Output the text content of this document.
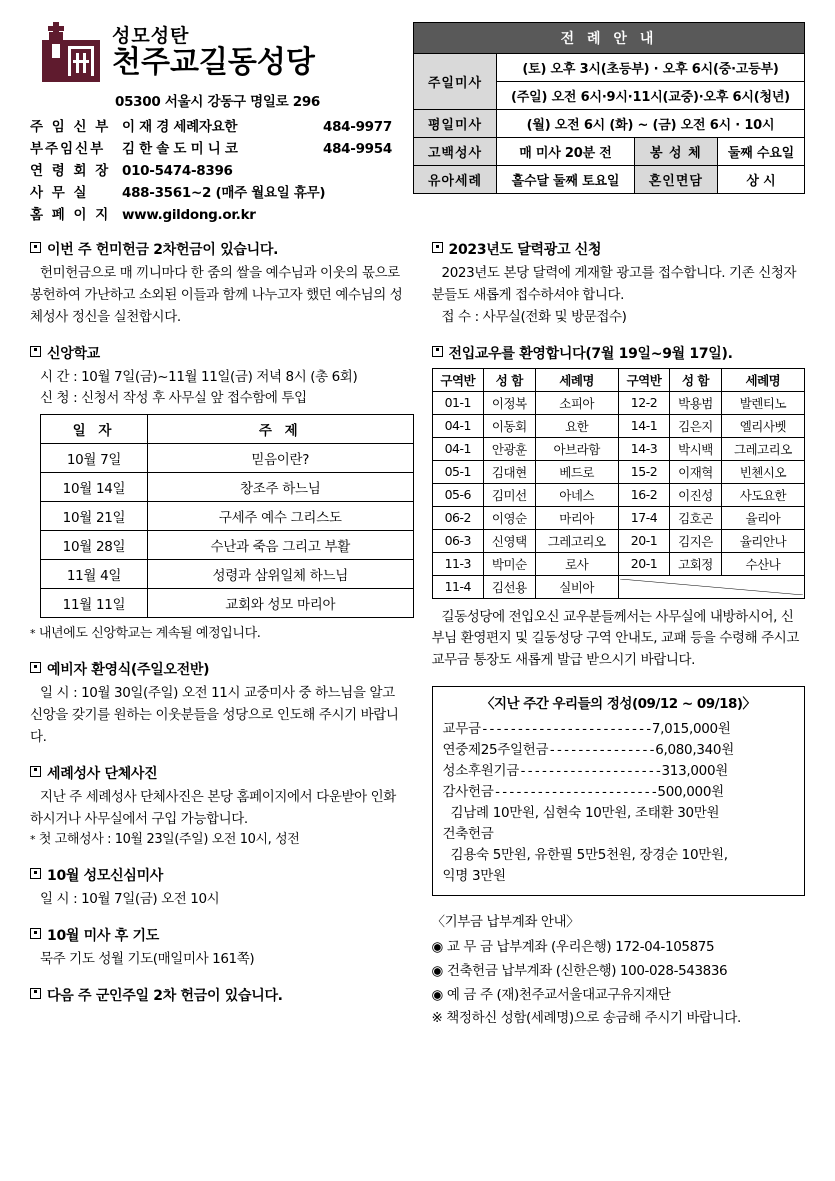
성모성탄
천주교길동성당
05300 서울시 강동구 명일로 296
주 임 신 부 이 재 경 세례자요한	484-9977
부주임신부	김 한 솔 도 미 니 코	484-9954
연 령 회 장 010-5474-8396
사 무 실	488-3561~2 (매주 월요일 휴무)
홈 페 이 지 www.gildong.or.kr
전 례 안 내			
주일미사	(토) 오후 3시(초등부) · 오후 6시(중·고등부)		
	(주일) 오전 6시·9시·11시(교중)·오후 6시(청년)		
평일미사	(월) 오전 6시 (화) ~ (금) 오전 6시 · 10시		
고백성사	매 미사 20분 전	봉 성 체	둘째 수요일
유아세례	홀수달 둘째 토요일	혼인면담	상 시
이번 주 헌미헌금 2차헌금이 있습니다.
헌미헌금으로 매 끼니마다 한 줌의 쌀을 예수님과 이웃의 몫으로 봉헌하여 가난하고 소외된 이들과 함께 나누고자 했던 예수님의 성체성사 정신을 실천합시다.
신앙학교
시 간 : 10월 7일(금)~11월 11일(금) 저녁 8시 (총 6회)
신 청 : 신청서 작성 후 사무실 앞 접수함에 투입
일 자	주 제
10월 7일	믿음이란?
10월 14일	창조주 하느님
10월 21일	구세주 예수 그리스도
10월 28일	수난과 죽음 그리고 부활
11월 4일	성령과 삼위일체 하느님
11월 11일	교회와 성모 마리아
* 내년에도 신앙학교는 계속될 예정입니다.
예비자 환영식(주일오전반)
일 시 : 10월 30일(주일) 오전 11시 교중미사 중 하느님을 알고 신앙을 갖기를 원하는 이웃분들을 성당으로 인도해 주시기 바랍니다.
세례성사 단체사진
지난 주 세례성사 단체사진은 본당 홈페이지에서 다운받아 인화하시거나 사무실에서 구입 가능합니다.
* 첫 고해성사 : 10월 23일(주일) 오전 10시, 성전
10월 성모신심미사
일 시 : 10월 7일(금) 오전 10시
10월 미사 후 기도
묵주 기도 성월 기도(매일미사 161쪽)
다음 주 군인주일 2차 헌금이 있습니다.
2023년도 달력광고 신청
2023년도 본당 달력에 게재할 광고를 접수합니다. 기존 신청자분들도 새롭게 접수하셔야 합니다.
접 수 : 사무실(전화 및 방문접수)
전입교우를 환영합니다(7월 19일~9월 17일).
구역반	성 함	세례명	구역반	성 함	세례명
01-1	이정복	소피아	12-2	박용범	발렌티노
04-1	이동회	요한	14-1	김은지	엘리사벳
04-1	안광훈	아브라함	14-3	박시백	그레고리오
05-1	김대현	베드로	15-2	이재혁	빈첸시오
05-6	김미선	아네스	16-2	이진성	사도요한
06-2	이영순	마리아	17-4	김호곤	율리아
06-3	신영택	그레고리오	20-1	김지은	율리안나
11-3	박미순	로사	20-1	고회정	수산나
11-4	김선용	실비아	
길동성당에 전입오신 교우분들께서는 사무실에 내방하시어, 신부님 환영편지 및 길동성당 구역 안내도, 교패 등을 수령해 주시고 교무금 통장도 새롭게 발급 받으시기 바랍니다.
〈지난 주간 우리들의 정성(09/12 ~ 09/18)〉
교무금------------------------7,015,000원
연중제25주일헌금---------------6,080,340원
성소후원기금--------------------313,000원
감사헌금-----------------------500,000원
김남례 10만원, 심현숙 10만원, 조태환 30만원
건축헌금
김용숙 5만원, 유한필 5만5천원, 장경순 10만원,
익명 3만원
〈기부금 납부계좌 안내〉
◉ 교 무 금 납부계좌 (우리은행) 172-04-105875
◉ 건축헌금 납부계좌 (신한은행) 100-028-543836
◉ 예 금 주 (재)천주교서울대교구유지재단
※ 책정하신 성함(세례명)으로 송금해 주시기 바랍니다.
